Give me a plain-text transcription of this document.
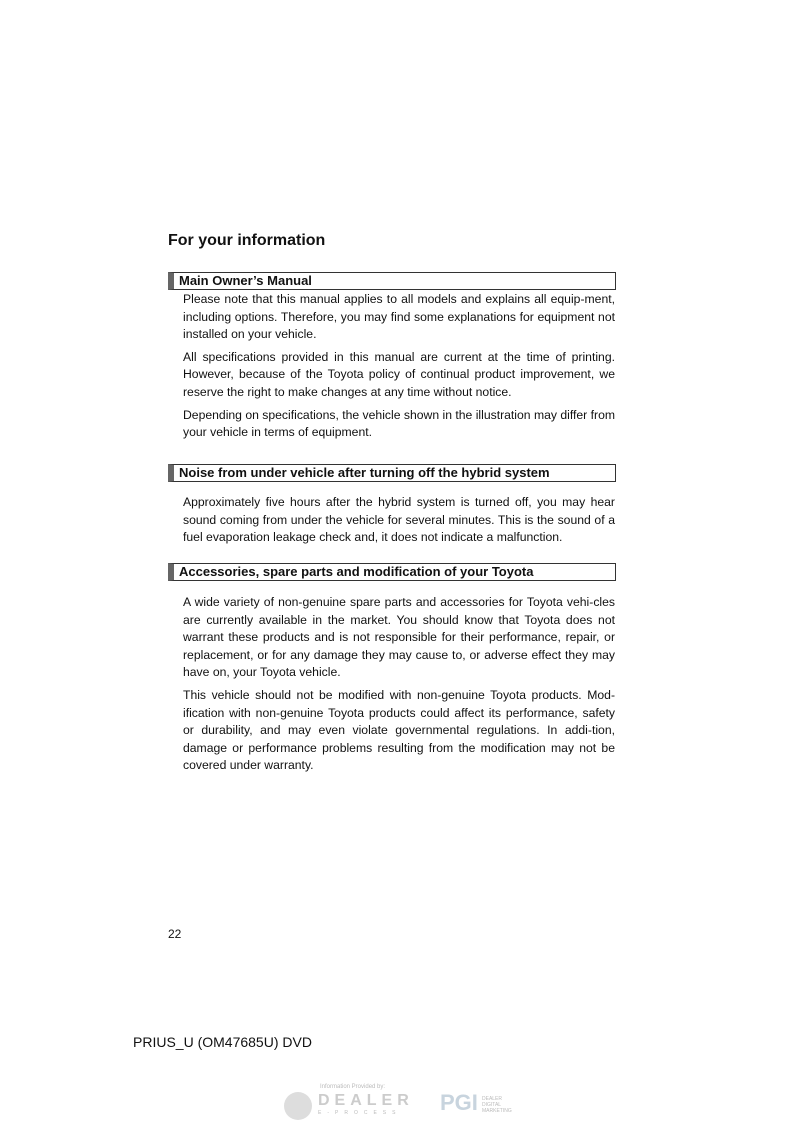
For your information
Main Owner’s Manual

Please note that this manual applies to all models and explains all equip-ment, including options. Therefore, you may find some explanations for equipment not installed on your vehicle.

All specifications provided in this manual are current at the time of printing. However, because of the Toyota policy of continual product improvement, we reserve the right to make changes at any time without notice.

Depending on specifications, the vehicle shown in the illustration may differ from your vehicle in terms of equipment.

Noise from under vehicle after turning off the hybrid system

Approximately five hours after the hybrid system is turned off, you may hear sound coming from under the vehicle for several minutes. This is the sound of a fuel evaporation leakage check and, it does not indicate a malfunction.

Accessories, spare parts and modification of your Toyota

A wide variety of non-genuine spare parts and accessories for Toyota vehi-cles are currently available in the market. You should know that Toyota does not warrant these products and is not responsible for their performance, repair, or replacement, or for any damage they may cause to, or adverse effect they may have on, your Toyota vehicle.

This vehicle should not be modified with non-genuine Toyota products. Mod-ification with non-genuine Toyota products could affect its performance, safety or durability, and may even violate governmental regulations. In addi-tion, damage or performance problems resulting from the modification may not be covered under warranty.

22
PRIUS_U (OM47685U) DVD
Information Provided by:
DEALER
E-PROCESS PGI DEALER DIGITAL MARKETING
